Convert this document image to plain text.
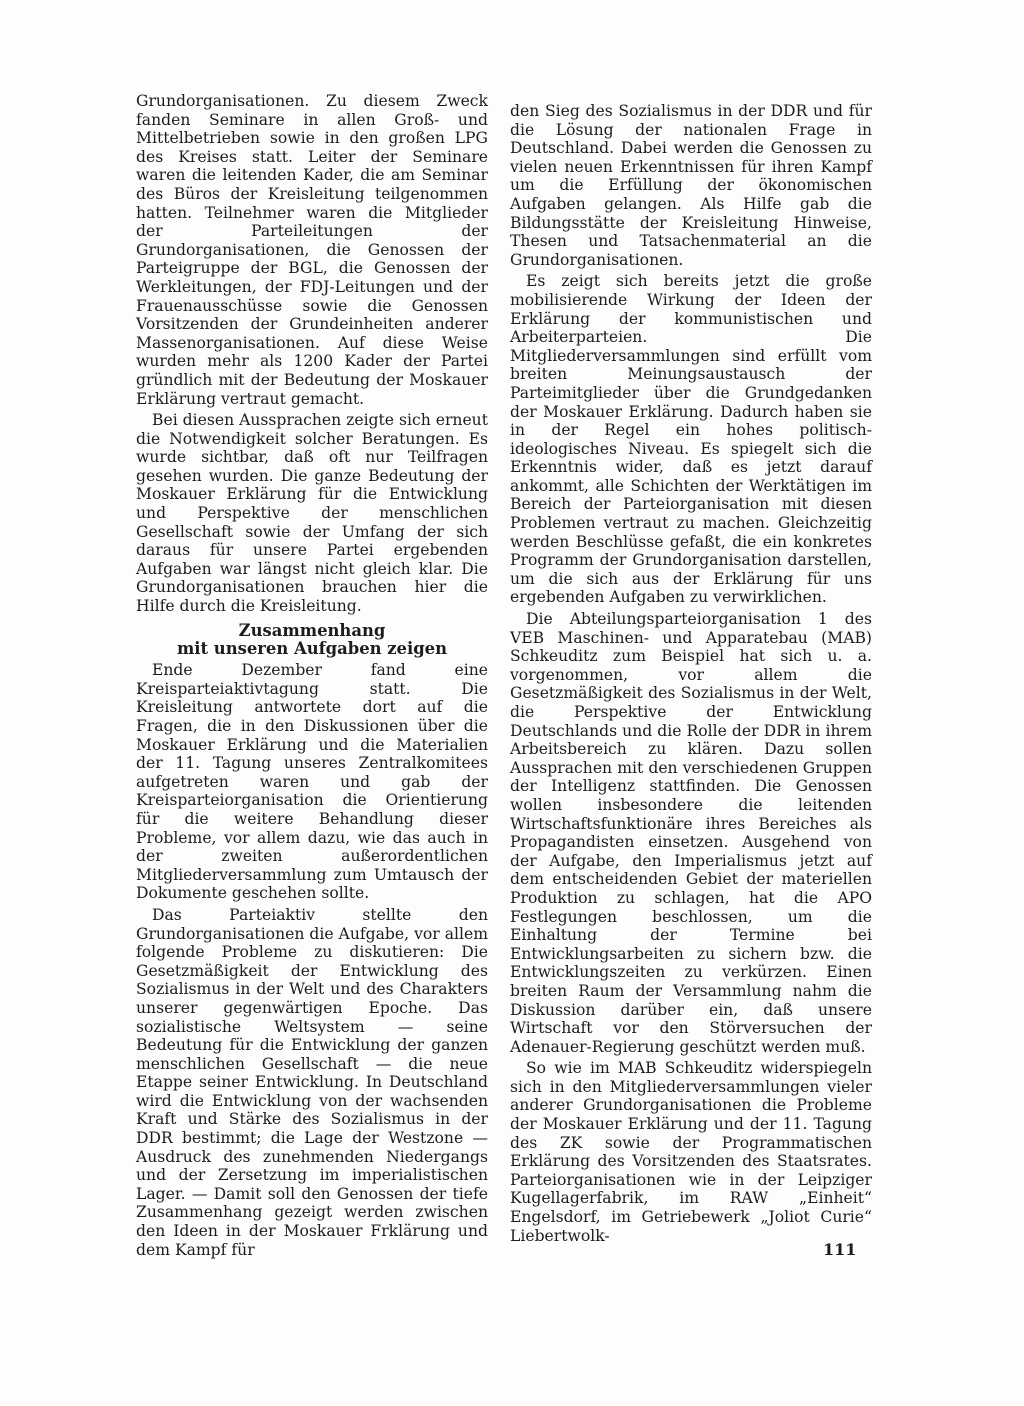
Grundorganisationen. Zu diesem Zweck fanden Seminare in allen Groß- und Mittelbetrieben sowie in den großen LPG des Kreises statt. Leiter der Seminare waren die leitenden Kader, die am Seminar des Büros der Kreisleitung teilgenommen hatten. Teilnehmer waren die Mitglieder der Parteileitungen der Grundorganisationen, die Genossen der Parteigruppe der BGL, die Genossen der Werkleitungen, der FDJ-Leitungen und der Frauenausschüsse sowie die Genossen Vorsitzenden der Grundeinheiten anderer Massenorganisationen. Auf diese Weise wurden mehr als 1200 Kader der Partei gründlich mit der Bedeutung der Moskauer Erklärung vertraut gemacht.

Bei diesen Aussprachen zeigte sich erneut die Notwendigkeit solcher Beratungen. Es wurde sichtbar, daß oft nur Teilfragen gesehen wurden. Die ganze Bedeutung der Moskauer Erklärung für die Entwicklung und Perspektive der menschlichen Gesellschaft sowie der Umfang der sich daraus für unsere Partei ergebenden Aufgaben war längst nicht gleich klar. Die Grundorganisationen brauchen hier die Hilfe durch die Kreisleitung.

Zusammenhang
mit unseren Aufgaben zeigen

Ende Dezember fand eine Kreisparteiaktivtagung statt. Die Kreisleitung antwortete dort auf die Fragen, die in den Diskussionen über die Moskauer Erklärung und die Materialien der 11. Tagung unseres Zentralkomitees aufgetreten waren und gab der Kreisparteiorganisation die Orientierung für die weitere Behandlung dieser Probleme, vor allem dazu, wie das auch in der zweiten außerordentlichen Mitgliederversammlung zum Umtausch der Dokumente geschehen sollte.

Das Parteiaktiv stellte den Grundorganisationen die Aufgabe, vor allem folgende Probleme zu diskutieren: Die Gesetzmäßigkeit der Entwicklung des Sozialismus in der Welt und des Charakters unserer gegenwärtigen Epoche. Das sozialistische Weltsystem — seine Bedeutung für die Entwicklung der ganzen menschlichen Gesellschaft — die neue Etappe seiner Entwicklung. In Deutschland wird die Entwicklung von der wachsenden Kraft und Stärke des Sozialismus in der DDR bestimmt; die Lage der Westzone — Ausdruck des zunehmenden Niedergangs und der Zersetzung im imperialistischen Lager. — Damit soll den Genossen der tiefe Zusammenhang gezeigt werden zwischen den Ideen in der Moskauer Frklärung und dem Kampf für

den Sieg des Sozialismus in der DDR und für die Lösung der nationalen Frage in Deutschland. Dabei werden die Genossen zu vielen neuen Erkenntnissen für ihren Kampf um die Erfüllung der ökonomischen Aufgaben gelangen. Als Hilfe gab die Bildungsstätte der Kreisleitung Hinweise, Thesen und Tatsachenmaterial an die Grundorganisationen.

Es zeigt sich bereits jetzt die große mobilisierende Wirkung der Ideen der Erklärung der kommunistischen und Arbeiterparteien. Die Mitgliederversammlungen sind erfüllt vom breiten Meinungsaustausch der Parteimitglieder über die Grundgedanken der Moskauer Erklärung. Dadurch haben sie in der Regel ein hohes politisch-ideologisches Niveau. Es spiegelt sich die Erkenntnis wider, daß es jetzt darauf ankommt, alle Schichten der Werktätigen im Bereich der Parteiorganisation mit diesen Problemen vertraut zu machen. Gleichzeitig werden Beschlüsse gefaßt, die ein konkretes Programm der Grundorganisation darstellen, um die sich aus der Erklärung für uns ergebenden Aufgaben zu verwirklichen.

Die Abteilungsparteiorganisation 1 des VEB Maschinen- und Apparatebau (MAB) Schkeuditz zum Beispiel hat sich u. a. vorgenommen, vor allem die Gesetzmäßigkeit des Sozialismus in der Welt, die Perspektive der Entwicklung Deutschlands und die Rolle der DDR in ihrem Arbeitsbereich zu klären. Dazu sollen Aussprachen mit den verschiedenen Gruppen der Intelligenz stattfinden. Die Genossen wollen insbesondere die leitenden Wirtschaftsfunktionäre ihres Bereiches als Propagandisten einsetzen. Ausgehend von der Aufgabe, den Imperialismus jetzt auf dem entscheidenden Gebiet der materiellen Produktion zu schlagen, hat die APO Festlegungen beschlossen, um die Einhaltung der Termine bei Entwicklungsarbeiten zu sichern bzw. die Entwicklungszeiten zu verkürzen. Einen breiten Raum der Versammlung nahm die Diskussion darüber ein, daß unsere Wirtschaft vor den Störversuchen der Adenauer-Regierung geschützt werden muß.

So wie im MAB Schkeuditz widerspiegeln sich in den Mitgliederversammlungen vieler anderer Grundorganisationen die Probleme der Moskauer Erklärung und der 11. Tagung des ZK sowie der Programmatischen Erklärung des Vorsitzenden des Staatsrates. Parteiorganisationen wie in der Leipziger Kugellagerfabrik, im RAW „Einheit“ Engelsdorf, im Getriebewerk „Joliot Curie“ Liebertwolk-

111
